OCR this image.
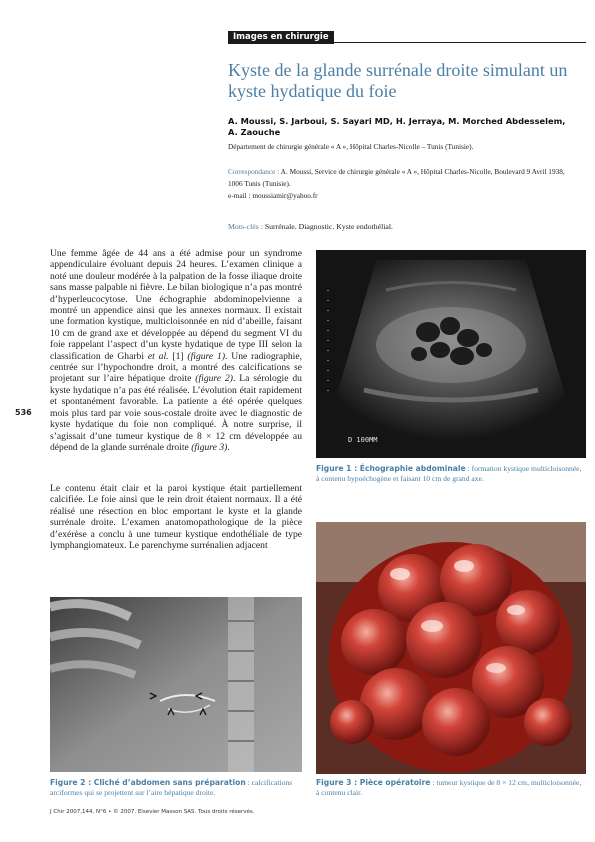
Images en chirurgie
Kyste de la glande surrénale droite simulant un kyste hydatique du foie
A. Moussi, S. Jarboui, S. Sayari MD, H. Jerraya, M. Morched Abdesselem, A. Zaouche
Département de chirurgie générale « A », Hôpital Charles-Nicolle – Tunis (Tunisie).
Correspondance : A. Moussi, Service de chirurgie générale « A », Hôpital Charles-Nicolle, Boulevard 9 Avril 1938, 1006 Tunis (Tunisie).
e-mail : moussiamir@yahoo.fr
Mots-clés : Surrénale. Diagnostic. Kyste endothélial.
536

Une femme âgée de 44 ans a été admise pour un syndrome appendiculaire évoluant depuis 24 heures. L’examen clinique a noté une douleur modérée à la palpation de la fosse iliaque droite sans masse palpable ni fièvre. Le bilan biologique n’a pas montré d’hyperleucocytose. Une échographie abdominopelvienne a montré un appendice ainsi que les annexes normaux. Il existait une formation kystique, multicloisonnée en nid d’abeille, faisant 10 cm de grand axe et développée au dépend du segment VI du foie rappelant l’aspect d’un kyste hydatique de type III selon la classification de Gharbi et al. [1] (figure 1). Une radiographie, centrée sur l’hypochondre droit, a montré des calcifications se projetant sur l’aire hépatique droite (figure 2). La sérologie du kyste hydatique n’a pas été réalisée. L’évolution était rapidement et spontanément favorable. La patiente a été opérée quelques mois plus tard par voie sous-costale droite avec le diagnostic de kyste hydatique du foie non compliqué. À notre surprise, il s’agissait d’une tumeur kystique de 8 × 12 cm développée au dépend de la glande surrénale droite (figure 3).

Le contenu était clair et la paroi kystique était partiellement calcifiée. Le foie ainsi que le rein droit étaient normaux. Il a été réalisé une résection en bloc emportant le kyste et la glande surrénale droite. L’examen anatomopathologique de la pièce d’exérèse a conclu à une tumeur kystique endothéliale de type lymphangiomateux. Le parenchyme surrénalien adjacent

D 100MM

Figure 1 : Échographie abdominale : formation kystique multicloisonnée, à contenu hypoéchogène et faisant 10 cm de grand axe.

Figure 2 : Cliché d’abdomen sans préparation : calcifications arciformes qui se projettent sur l’aire hépatique droite.

Figure 3 : Pièce opératoire : tumeur kystique de 8 × 12 cm, multicloisonnée, à contenu clair.

J Chir 2007,144, N°6 • © 2007. Elsevier Masson SAS. Tous droits réservés.
